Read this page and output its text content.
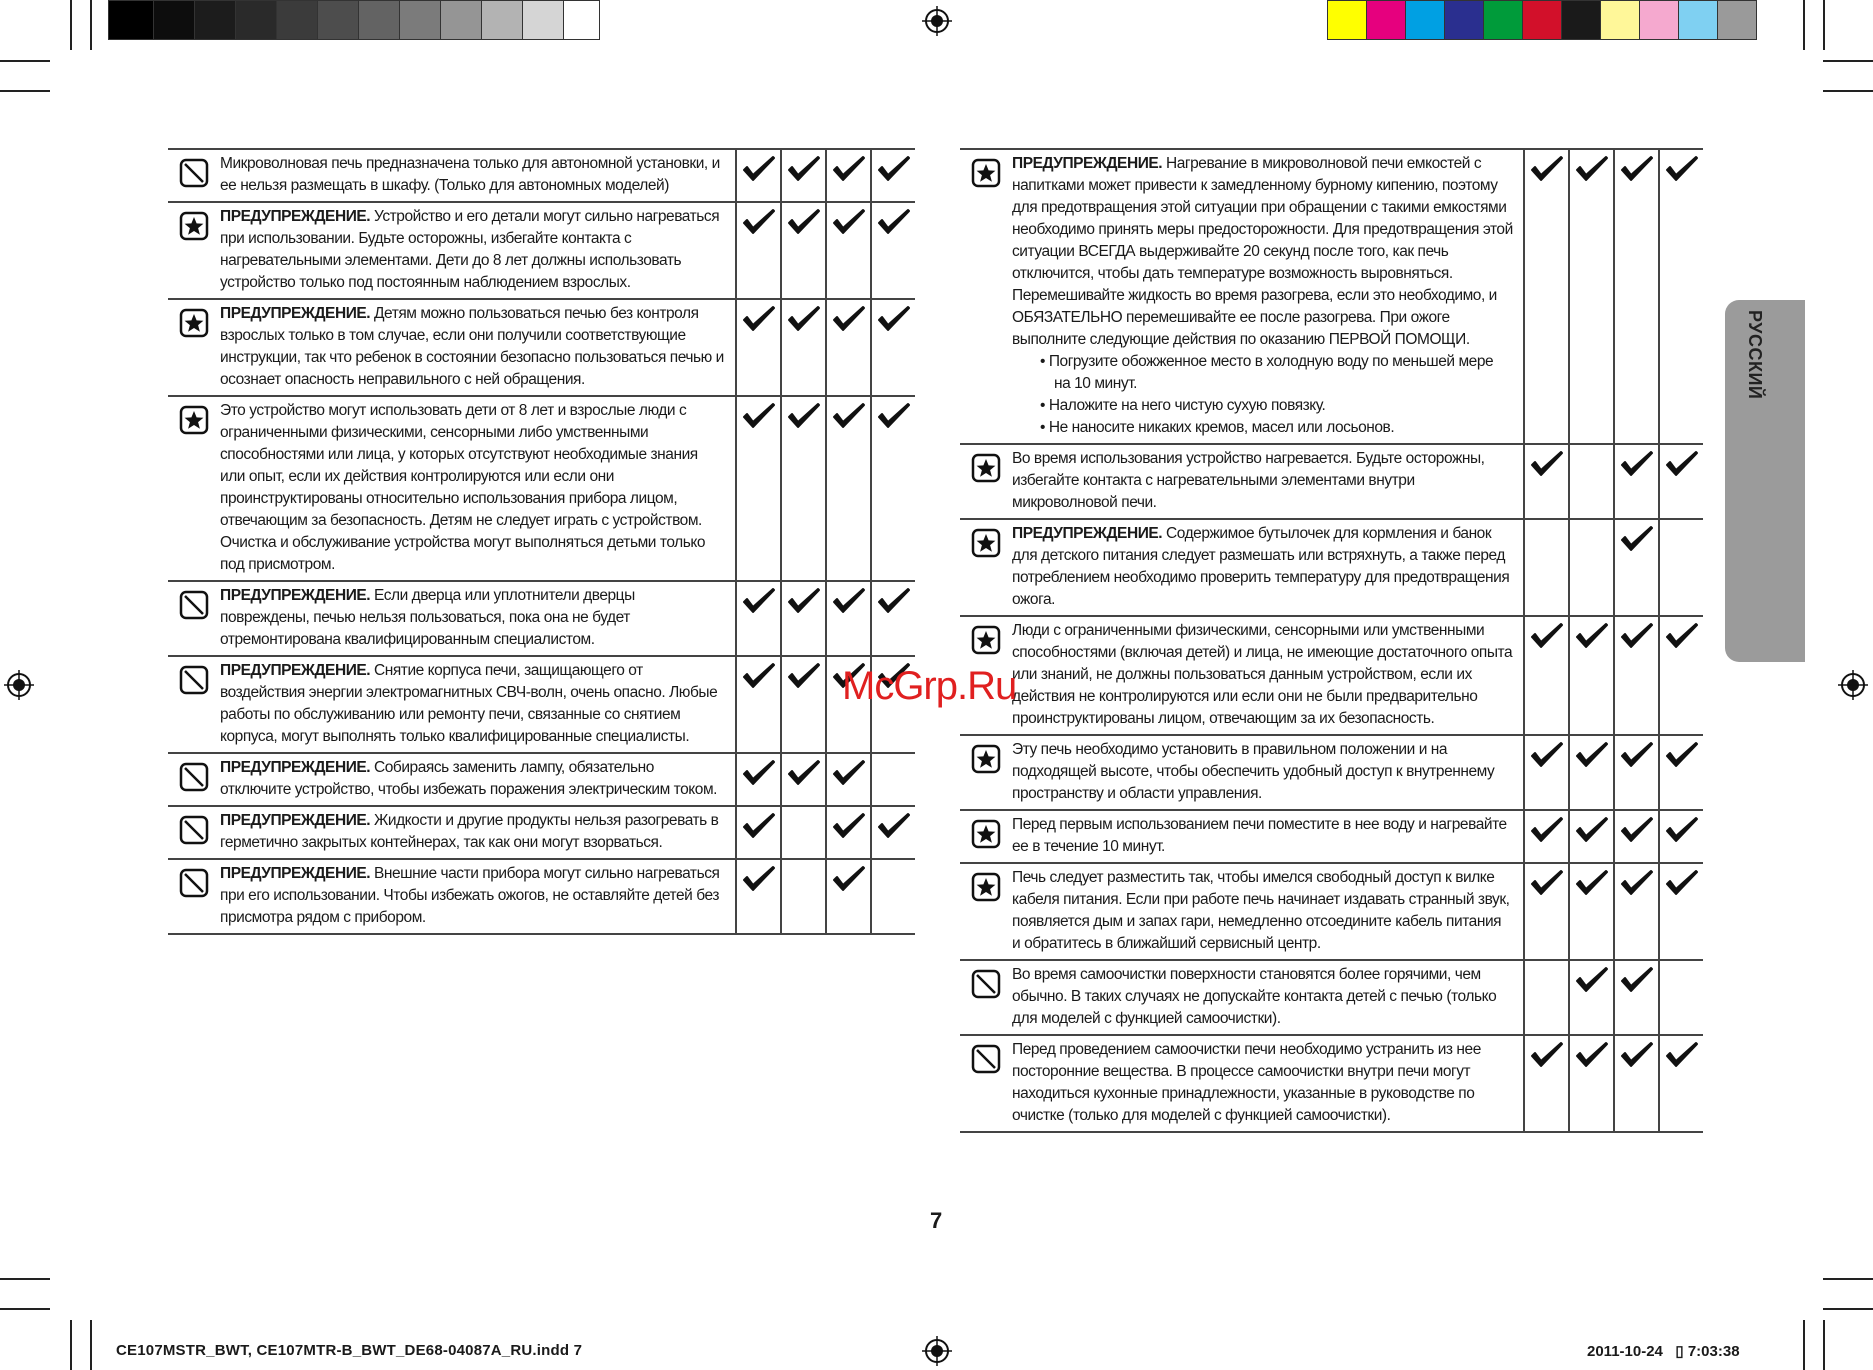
Микроволновая печь предназначена только для автономной установки, и ее нельзя размещать в шкафу. (Только для автономных моделей)
ПРЕДУПРЕЖДЕНИЕ. Устройство и его детали могут сильно нагреваться при использовании. Будьте осторожны, избегайте контакта с нагревательными элементами. Дети до 8 лет должны использовать устройство только под постоянным наблюдением взрослых.
ПРЕДУПРЕЖДЕНИЕ. Детям можно пользоваться печью без контроля взрослых только в том случае, если они получили соответствующие инструкции, так что ребенок в состоянии безопасно пользоваться печью и осознает опасность неправильного с ней обращения.
Это устройство могут использовать дети от 8 лет и взрослые люди с ограниченными физическими, сенсорными либо умственными способностями или лица, у которых отсутствуют необходимые знания или опыт, если их действия контролируются или если они проинструктированы относительно использования прибора лицом, отвечающим за безопасность. Детям не следует играть с устройством. Очистка и обслуживание устройства могут выполняться детьми только под присмотром.
ПРЕДУПРЕЖДЕНИЕ. Если дверца или уплотнители дверцы повреждены, печью нельзя пользоваться, пока она не будет отремонтирована квалифицированным специалистом.
ПРЕДУПРЕЖДЕНИЕ. Снятие корпуса печи, защищающего от воздействия энергии электромагнитных СВЧ-волн, очень опасно. Любые работы по обслуживанию или ремонту печи, связанные со снятием корпуса, могут выполнять только квалифицированные специалисты.
ПРЕДУПРЕЖДЕНИЕ. Собираясь заменить лампу, обязательно отключите устройство, чтобы избежать поражения электрическим током.
ПРЕДУПРЕЖДЕНИЕ. Жидкости и другие продукты нельзя разогревать в герметично закрытых контейнерах, так как они могут взорваться.
ПРЕДУПРЕЖДЕНИЕ. Внешние части прибора могут сильно нагреваться при его использовании. Чтобы избежать ожогов, не оставляйте детей без присмотра рядом с прибором.
ПРЕДУПРЕЖДЕНИЕ. Нагревание в микроволновой печи емкостей с напитками может привести к замедленному бурному кипению, поэтому для предотвращения этой ситуации при обращении с такими емкостями необходимо принять меры предосторожности. Для предотвращения этой ситуации ВСЕГДА выдерживайте 20 секунд после того, как печь отключится, чтобы дать температуре возможность выровняться. Перемешивайте жидкость во время разогрева, если это необходимо, и ОБЯЗАТЕЛЬНО перемешивайте ее после разогрева. При ожоге выполните следующие действия по оказанию ПЕРВОЙ ПОМОЩИ.
• Погрузите обожженное место в холодную воду по меньшей мере на 10 минут.
• Наложите на него чистую сухую повязку.
• Не наносите никаких кремов, масел или лосьонов.
Во время использования устройство нагревается. Будьте осторожны, избегайте контакта с нагревательными элементами внутри микроволновой печи.
ПРЕДУПРЕЖДЕНИЕ. Содержимое бутылочек для кормления и банок для детского питания следует размешать или встряхнуть, а также перед потреблением необходимо проверить температуру для предотвращения ожога.
Люди с ограниченными физическими, сенсорными или умственными способностями (включая детей) и лица, не имеющие достаточного опыта или знаний, не должны пользоваться данным устройством, если их действия не контролируются или если они не были предварительно проинструктированы лицом, отвечающим за их безопасность.
Эту печь необходимо установить в правильном положении и на подходящей высоте, чтобы обеспечить удобный доступ к внутреннему пространству и области управления.
Перед первым использованием печи поместите в нее воду и нагревайте ее в течение 10 минут.
Печь следует разместить так, чтобы имелся свободный доступ к вилке кабеля питания. Если при работе печь начинает издавать странный звук, появляется дым и запах гари, немедленно отсоедините кабель питания и обратитесь в ближайший сервисный центр.
Во время самоочистки поверхности становятся более горячими, чем обычно. В таких случаях не допускайте контакта детей с печью (только для моделей с функцией самоочистки).
Перед проведением самоочистки печи необходимо устранить из нее посторонние вещества. В процессе самоочистки внутри печи могут находиться кухонные принадлежности, указанные в руководстве по очистке (только для моделей с функцией самоочистки).
РУССКИЙ
McGrp.Ru
7
CE107MSTR_BWT, CE107MTR-B_BWT_DE68-04087A_RU.indd 7	2011-10-24 ▯ 7:03:38
